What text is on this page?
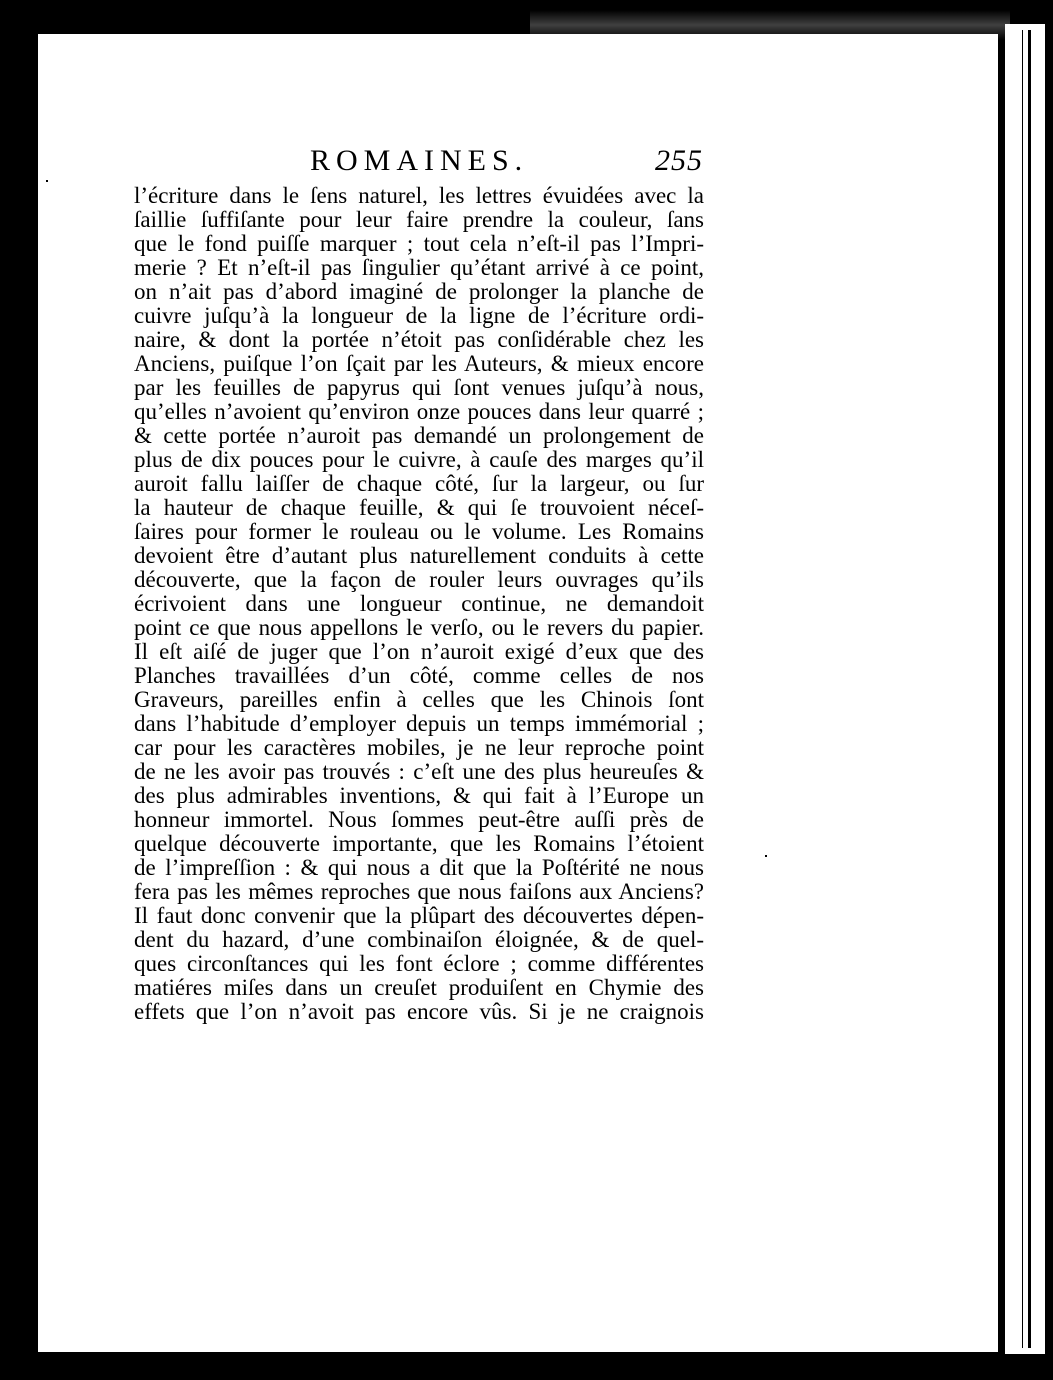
ROMAINES.	255
l’écriture dans le ſens naturel, les lettres évuidées avec la
ſaillie ſuffiſante pour leur faire prendre la couleur, ſans
que le fond puiſſe marquer ; tout cela n’eſt-il pas l’Impri-
merie ? Et n’eſt-il pas ſingulier qu’étant arrivé à ce point,
on n’ait pas d’abord imaginé de prolonger la planche de
cuivre juſqu’à la longueur de la ligne de l’écriture ordi-
naire, & dont la portée n’étoit pas conſidérable chez les
Anciens, puiſque l’on ſçait par les Auteurs, & mieux encore
par les feuilles de papyrus qui ſont venues juſqu’à nous,
qu’elles n’avoient qu’environ onze pouces dans leur quarré ;
& cette portée n’auroit pas demandé un prolongement de
plus de dix pouces pour le cuivre, à cauſe des marges qu’il
auroit fallu laiſſer de chaque côté, ſur la largeur, ou ſur
la hauteur de chaque feuille, & qui ſe trouvoient néceſ-
ſaires pour former le rouleau ou le volume. Les Romains
devoient être d’autant plus naturellement conduits à cette
découverte, que la façon de rouler leurs ouvrages qu’ils
écrivoient dans une longueur continue, ne demandoit
point ce que nous appellons le verſo, ou le revers du papier.
Il eſt aiſé de juger que l’on n’auroit exigé d’eux que des
Planches travaillées d’un côté, comme celles de nos
Graveurs, pareilles enfin à celles que les Chinois ſont
dans l’habitude d’employer depuis un temps immémorial ;
car pour les caractères mobiles, je ne leur reproche point
de ne les avoir pas trouvés : c’eſt une des plus heureuſes &
des plus admirables inventions, & qui fait à l’Europe un
honneur immortel. Nous ſommes peut-être auſſi près de
quelque découverte importante, que les Romains l’étoient
de l’impreſſion : & qui nous a dit que la Poſtérité ne nous
fera pas les mêmes reproches que nous faiſons aux Anciens?
Il faut donc convenir que la plûpart des découvertes dépen-
dent du hazard, d’une combinaiſon éloignée, & de quel-
ques circonſtances qui les font éclore ; comme différentes
matiéres miſes dans un creuſet produiſent en Chymie des
effets que l’on n’avoit pas encore vûs. Si je ne craignois
